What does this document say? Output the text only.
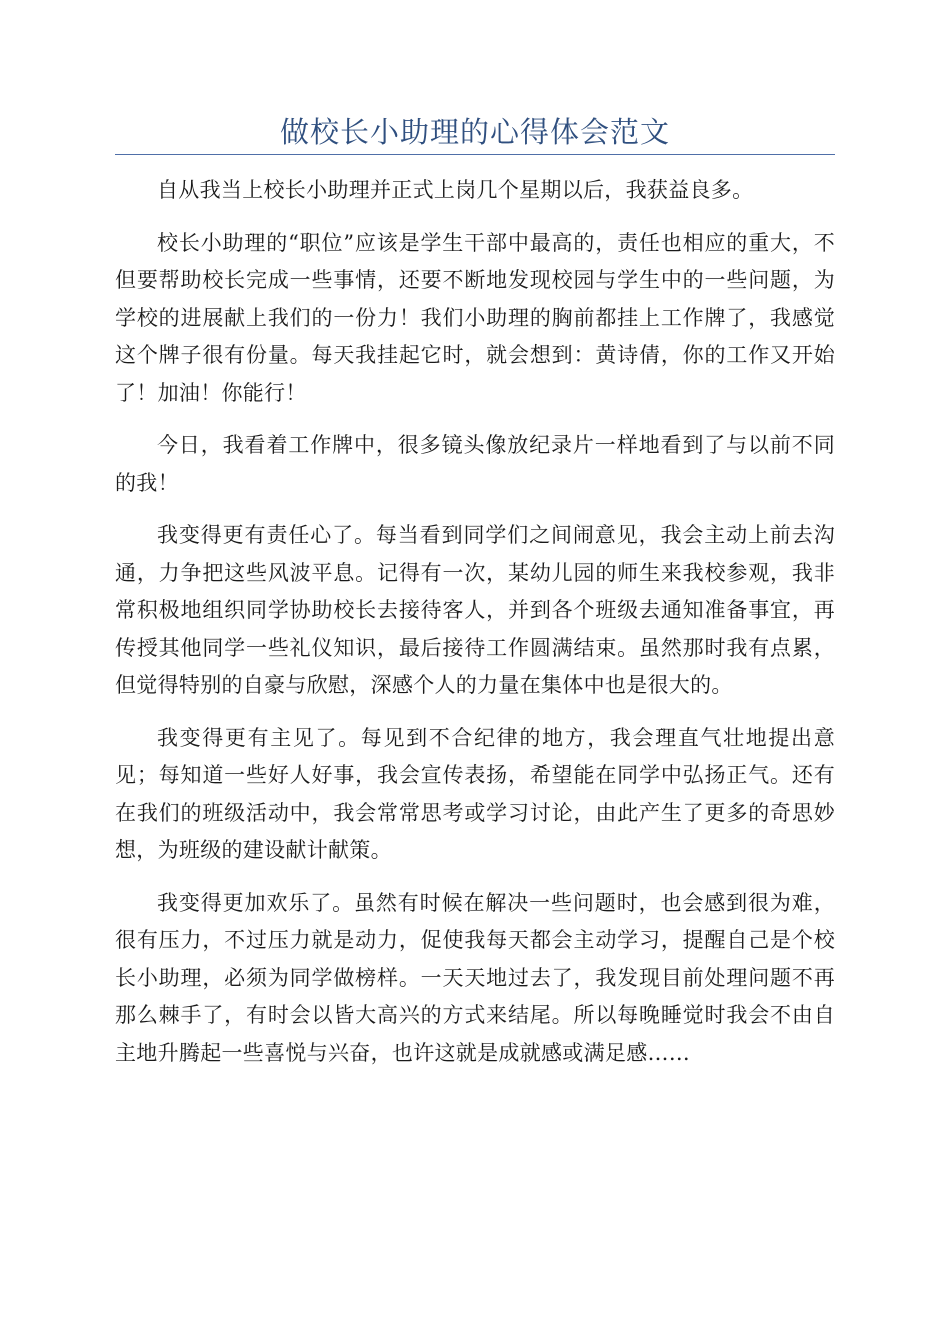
做校长小助理的心得体会范文

自从我当上校长小助理并正式上岗几个星期以后，我获益良多。

校长小助理的“职位”应该是学生干部中最高的，责任也相应的重大，不但要帮助校长完成一些事情，还要不断地发现校园与学生中的一些问题，为学校的进展献上我们的一份力！我们小助理的胸前都挂上工作牌了，我感觉这个牌子很有份量。每天我挂起它时，就会想到：黄诗倩，你的工作又开始了！加油！你能行！

今日，我看着工作牌中，很多镜头像放纪录片一样地看到了与以前不同的我！

我变得更有责任心了。每当看到同学们之间闹意见，我会主动上前去沟通，力争把这些风波平息。记得有一次，某幼儿园的师生来我校参观，我非常积极地组织同学协助校长去接待客人，并到各个班级去通知准备事宜，再传授其他同学一些礼仪知识，最后接待工作圆满结束。虽然那时我有点累，但觉得特别的自豪与欣慰，深感个人的力量在集体中也是很大的。

我变得更有主见了。每见到不合纪律的地方，我会理直气壮地提出意见；每知道一些好人好事，我会宣传表扬，希望能在同学中弘扬正气。还有在我们的班级活动中，我会常常思考或学习讨论，由此产生了更多的奇思妙想，为班级的建设献计献策。

我变得更加欢乐了。虽然有时候在解决一些问题时，也会感到很为难，很有压力，不过压力就是动力，促使我每天都会主动学习，提醒自己是个校长小助理，必须为同学做榜样。一天天地过去了，我发现目前处理问题不再那么棘手了，有时会以皆大高兴的方式来结尾。所以每晚睡觉时我会不由自主地升腾起一些喜悦与兴奋，也许这就是成就感或满足感……
